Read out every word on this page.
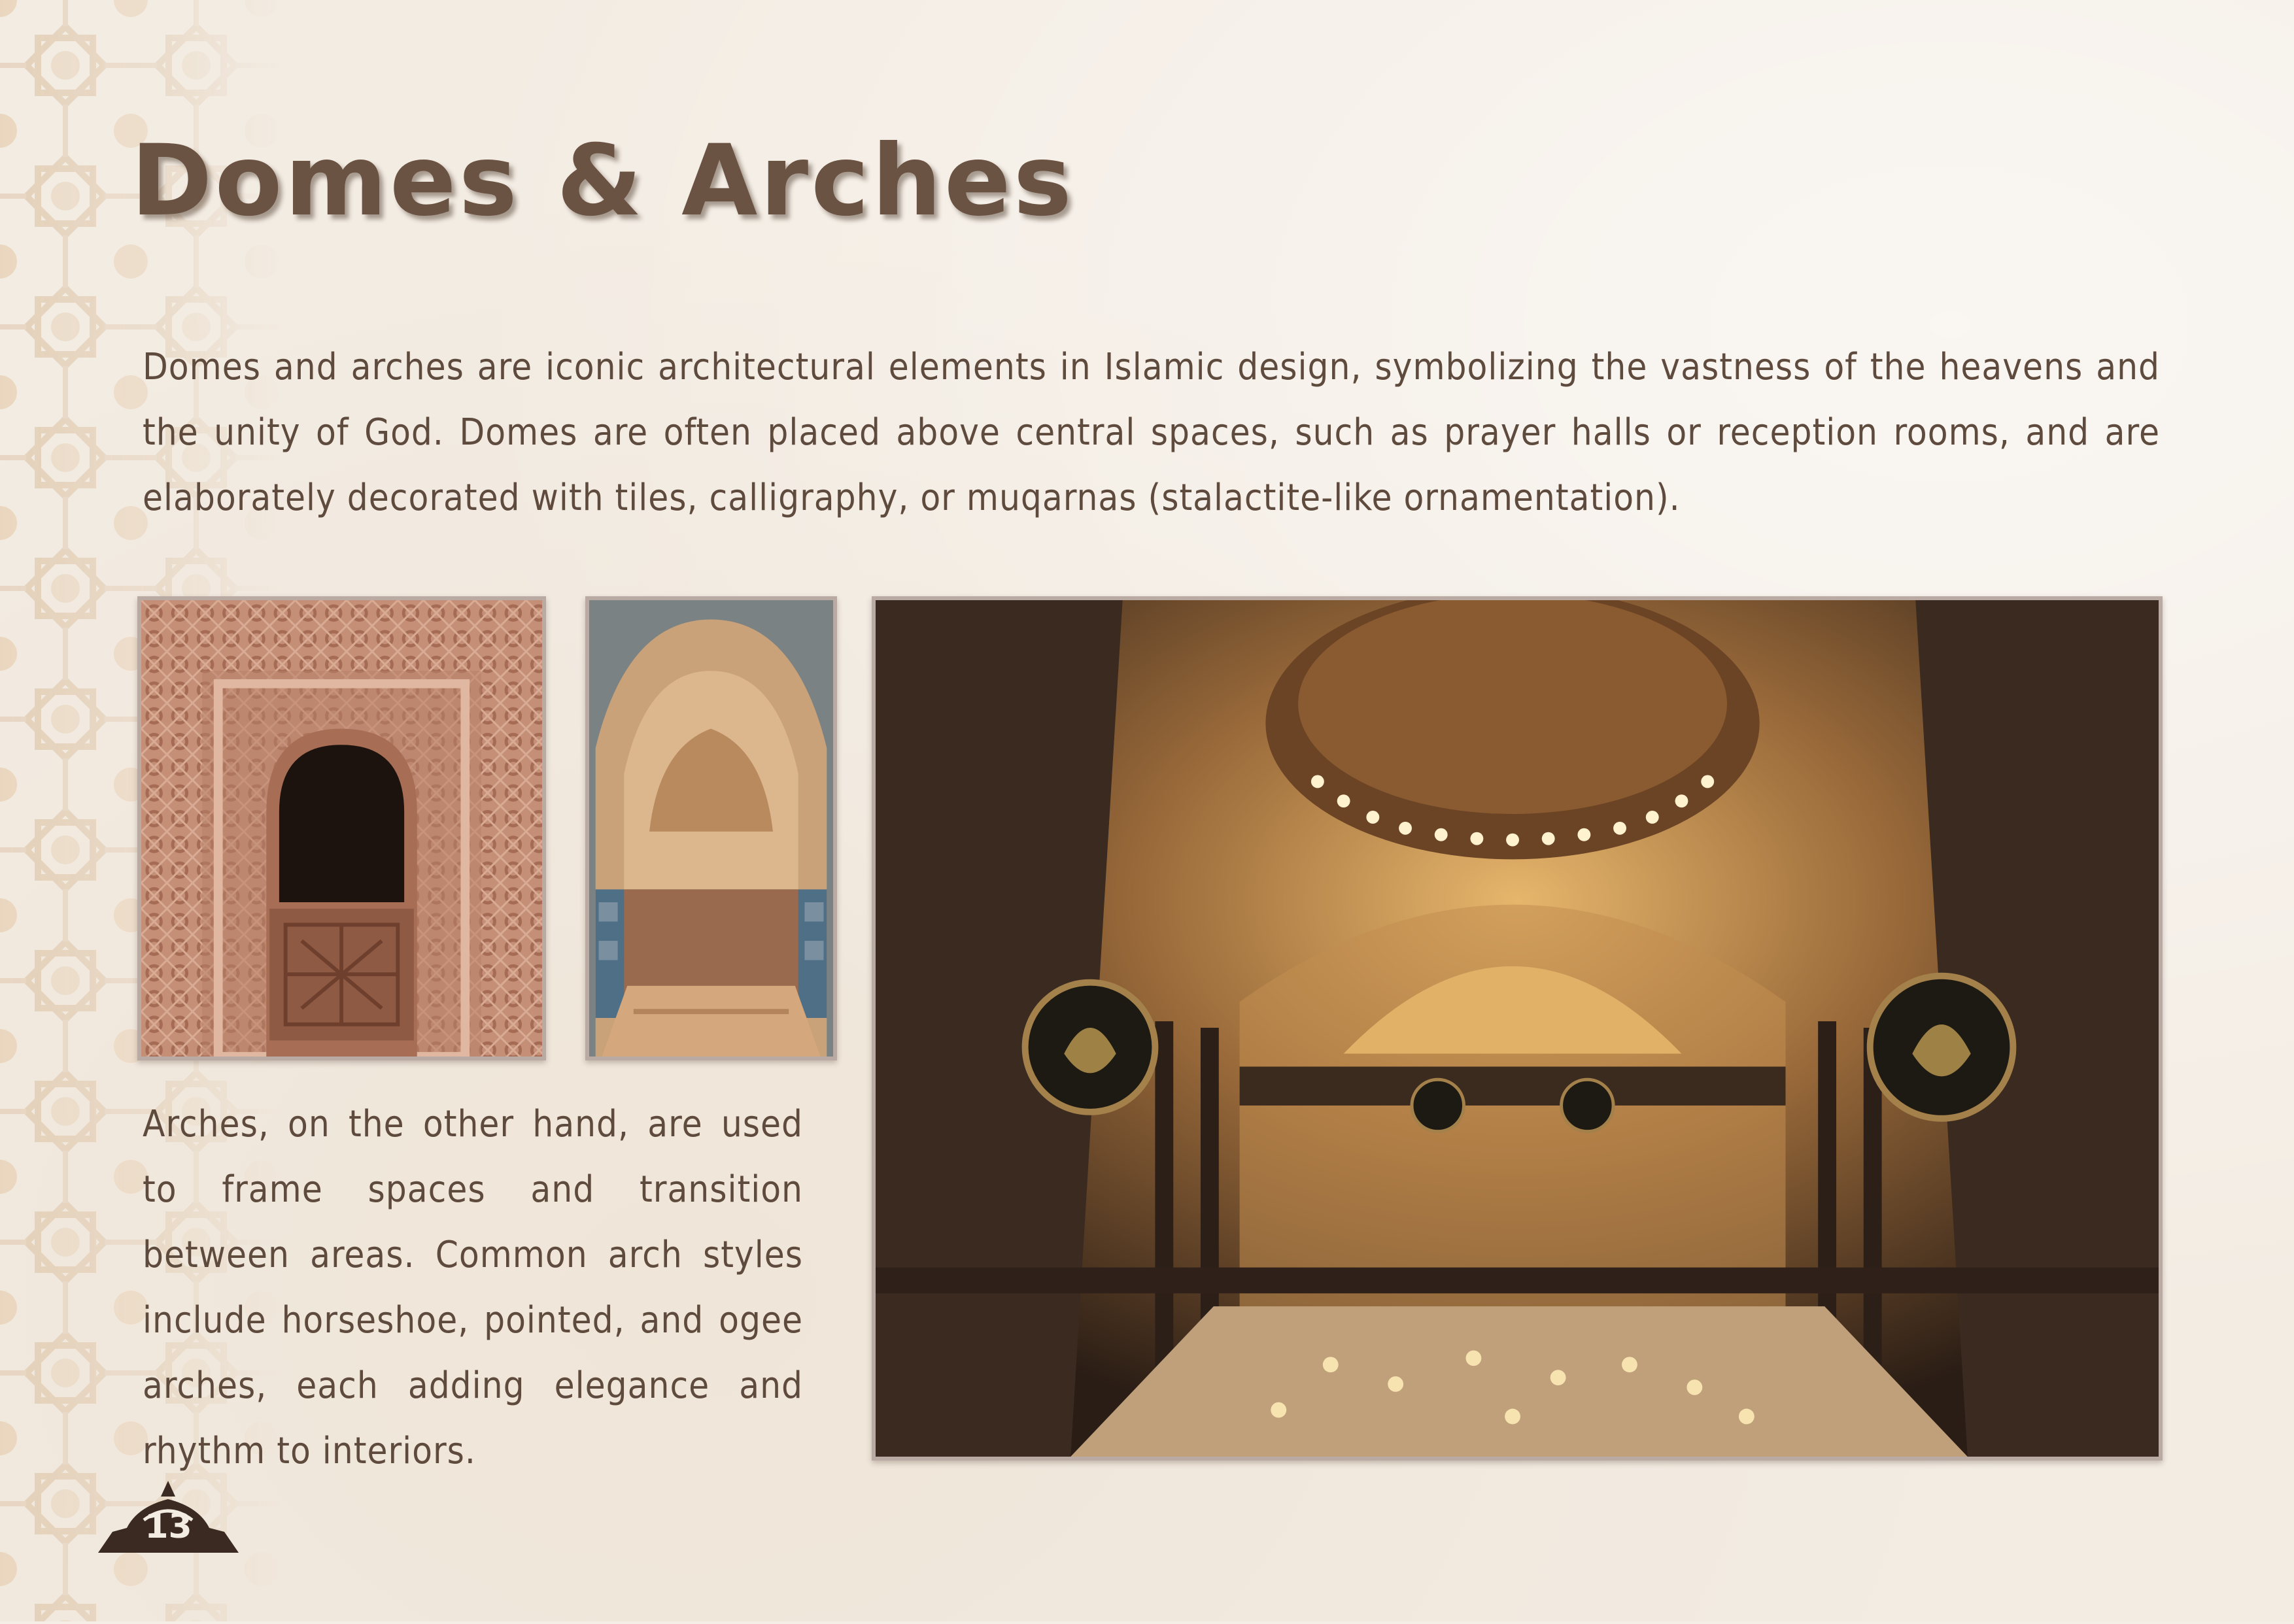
Domes & Arches

Domes and arches are iconic architectural elements in Islamic design, symbolizing the vastness of the heavens and the unity of God. Domes are often placed above central spaces, such as prayer halls or reception rooms, and are elaborately decorated with tiles, calligraphy, or muqarnas (stalactite-like ornamentation).

Arches, on the other hand, are used to frame spaces and transition between areas. Common arch styles include horseshoe, pointed, and ogee arches, each adding elegance and rhythm to interiors.

13
